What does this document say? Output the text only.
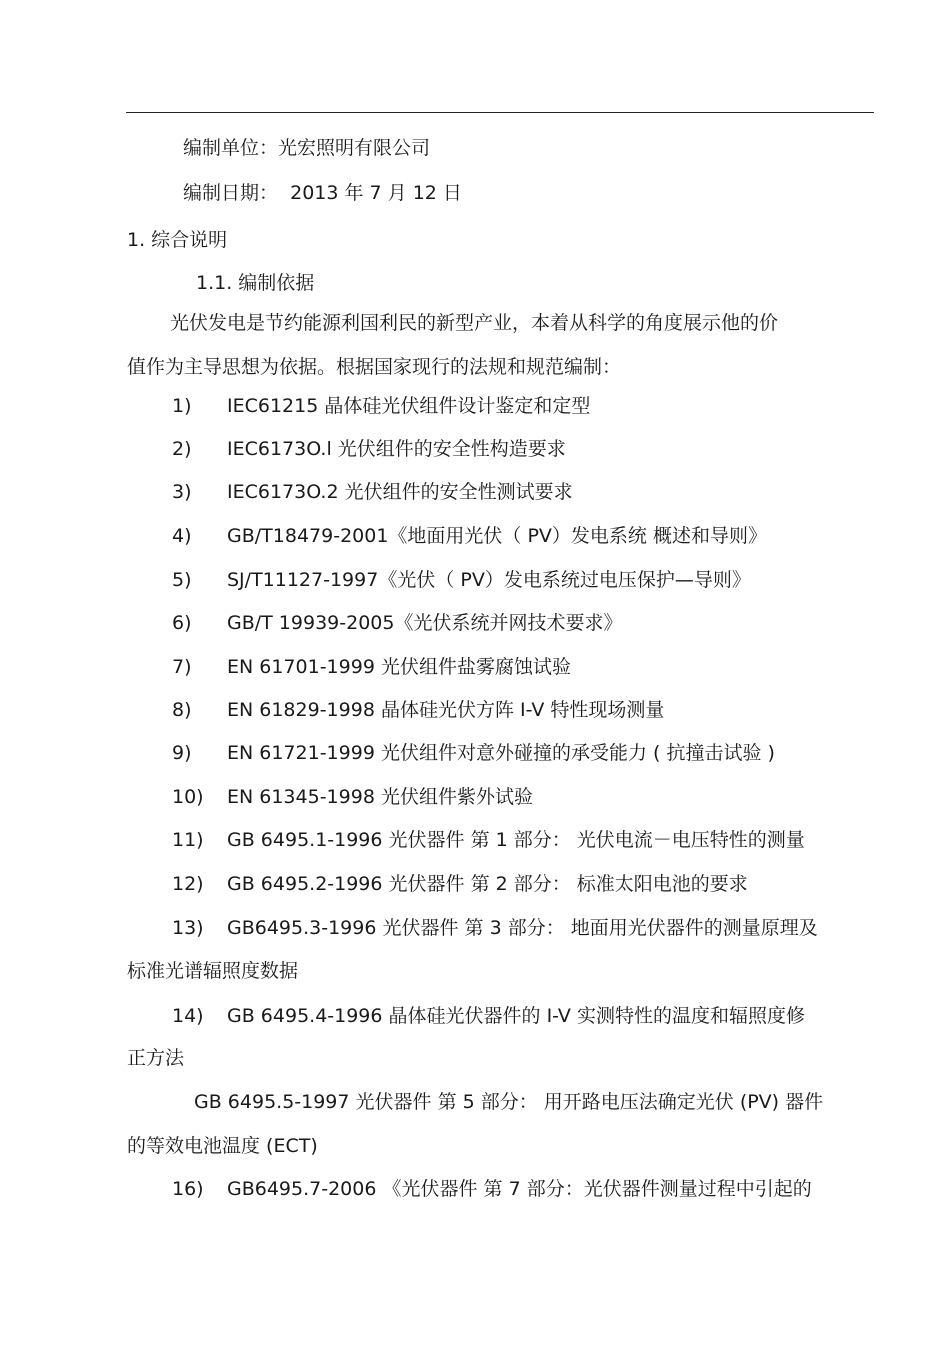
编制单位：光宏照明有限公司
编制日期： 2013 年 7 月 12 日
1. 综合说明
1.1. 编制依据
光伏发电是节约能源利国利民的新型产业，本着从科学的角度展示他的价
值作为主导思想为依据。根据国家现行的法规和规范编制：
1) IEC61215 晶体硅光伏组件设计鉴定和定型
2) IEC6173O.l 光伏组件的安全性构造要求
3) IEC6173O.2 光伏组件的安全性测试要求
4) GB/T18479-2001《地面用光伏（ PV）发电系统 概述和导则》
5) SJ/T11127-1997《光伏（ PV）发电系统过电压保护—导则》
6) GB/T 19939-2005《光伏系统并网技术要求》
7) EN 61701-1999 光伏组件盐雾腐蚀试验
8) EN 61829-1998 晶体硅光伏方阵 I-V 特性现场测量
9) EN 61721-1999 光伏组件对意外碰撞的承受能力 ( 抗撞击试验 )
10) EN 61345-1998 光伏组件紫外试验
11) GB 6495.1-1996 光伏器件 第 1 部分： 光伏电流－电压特性的测量
12) GB 6495.2-1996 光伏器件 第 2 部分： 标准太阳电池的要求
13) GB6495.3-1996 光伏器件 第 3 部分： 地面用光伏器件的测量原理及
标准光谱辐照度数据
14) GB 6495.4-1996 晶体硅光伏器件的 I-V 实测特性的温度和辐照度修
正方法
GB 6495.5-1997 光伏器件 第 5 部分： 用开路电压法确定光伏 (PV) 器件
的等效电池温度 (ECT)
16) GB6495.7-2006 《光伏器件 第 7 部分：光伏器件测量过程中引起的
